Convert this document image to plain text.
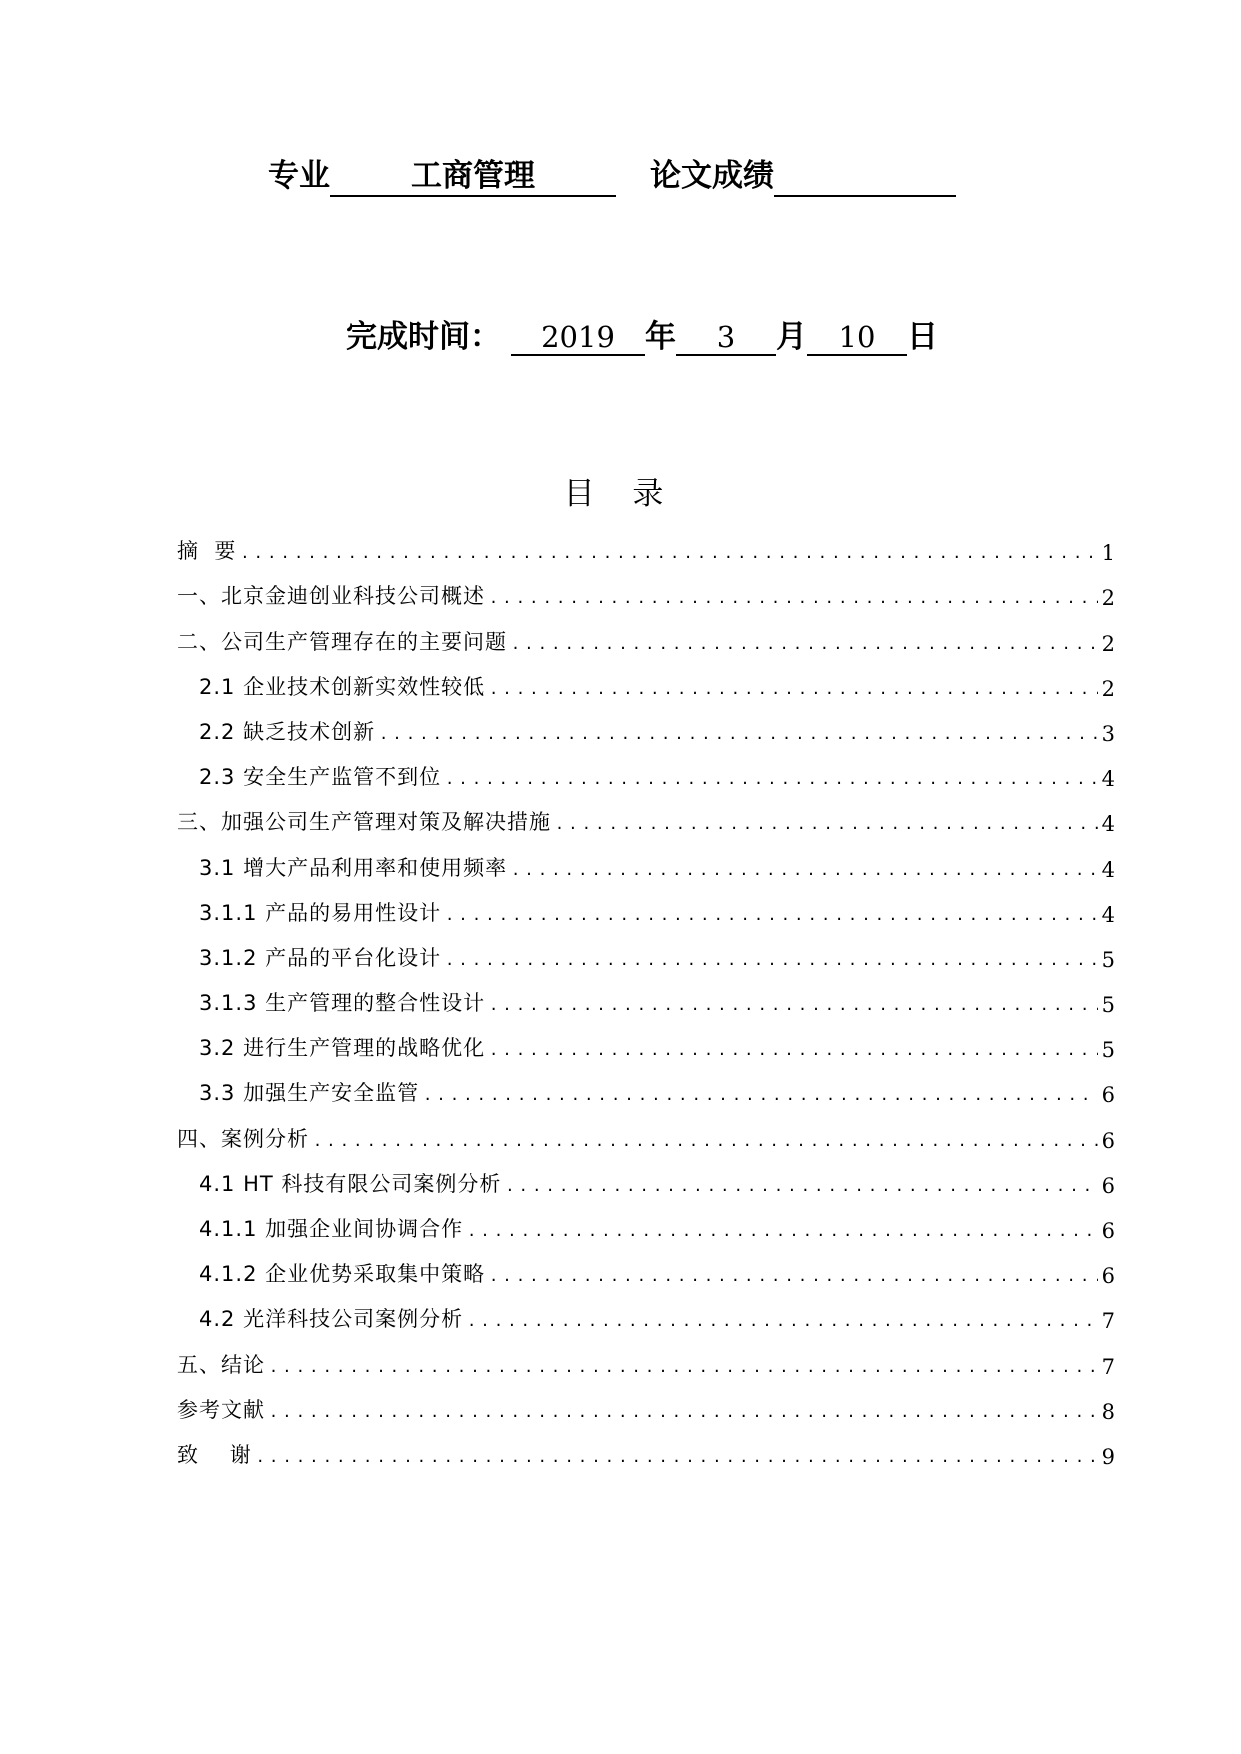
专业	工商管理	论文成绩

完成时间：	2019 年	3	月	10	日
目 录
摘  要 .....	1
一、北京金迪创业科技公司概述 .....	2
二、公司生产管理存在的主要问题 .....	2
2.1 企业技术创新实效性较低 .....	2
2.2 缺乏技术创新 .....	3
2.3 安全生产监管不到位 .....	4
三、加强公司生产管理对策及解决措施 .....	4
3.1 增大产品利用率和使用频率 .....	4
3.1.1 产品的易用性设计 .....	4
3.1.2 产品的平台化设计 .....	5
3.1.3 生产管理的整合性设计 .....	5
3.2 进行生产管理的战略优化 .....	5
3.3 加强生产安全监管 .....	6
四、案例分析 .....	6
4.1 HT 科技有限公司案例分析 .....	6
4.1.1 加强企业间协调合作 .....	6
4.1.2 企业优势采取集中策略 .....	6
4.2 光洋科技公司案例分析 .....	7
五、结论 .....	7
参考文献 .....	8
致    谢 .....	9
